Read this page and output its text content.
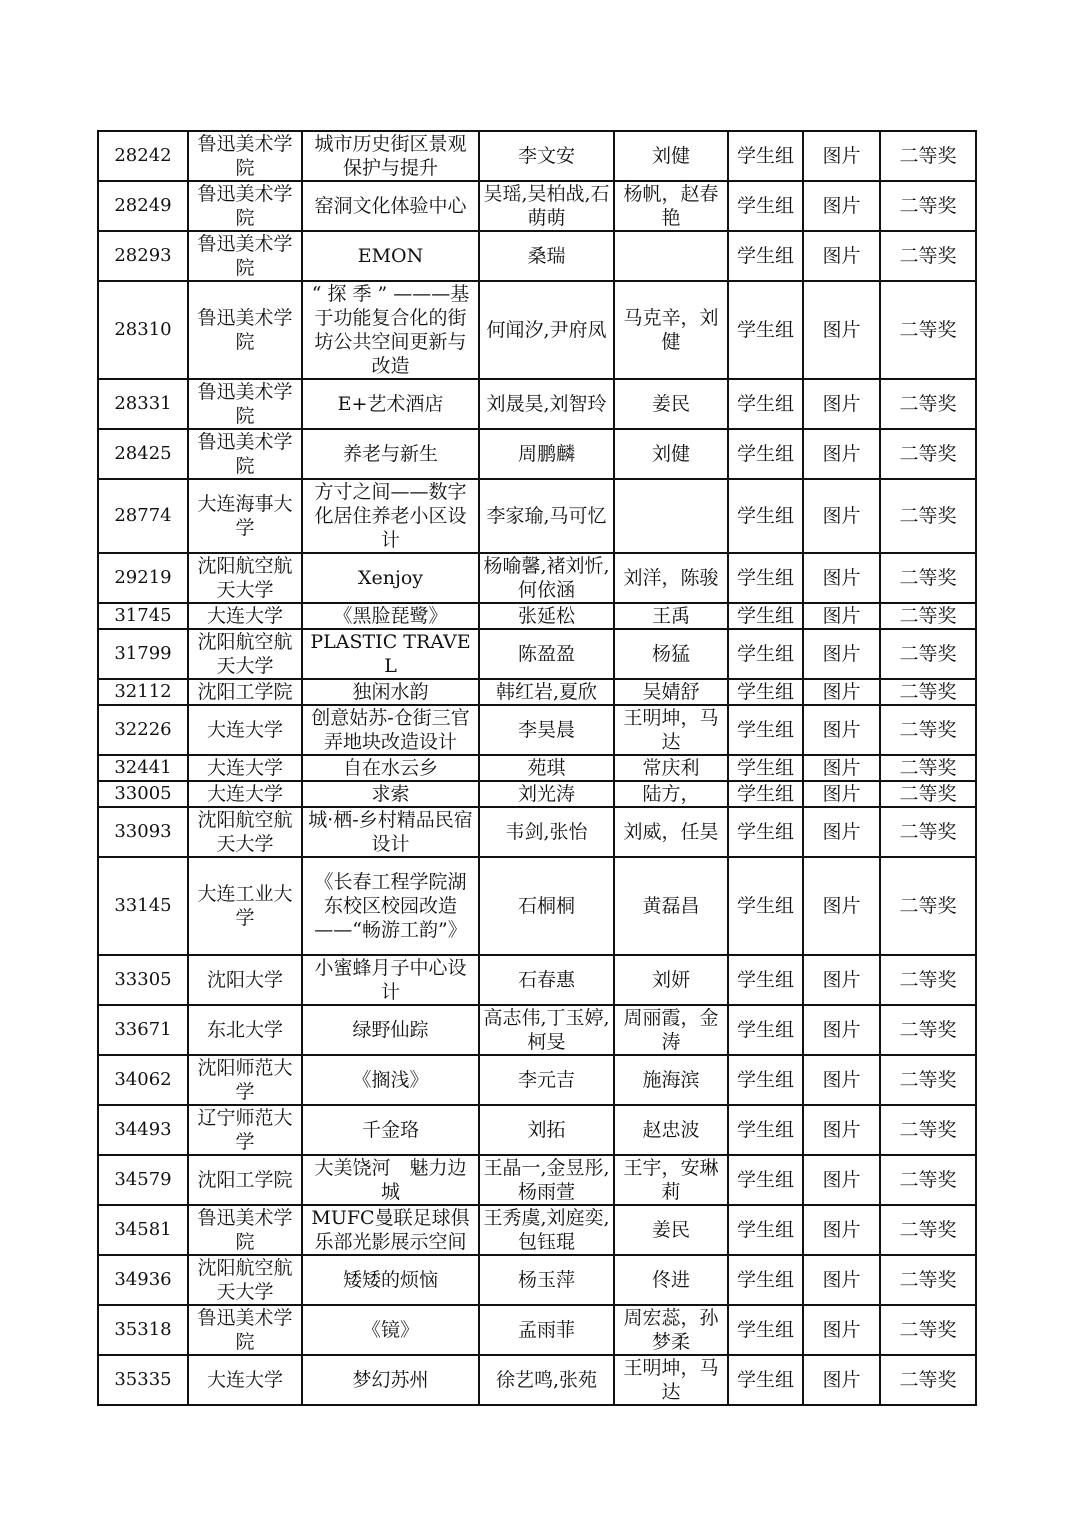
28242	鲁迅美术学院	城市历史街区景观保护与提升	李文安	刘健	学生组	图片	二等奖
28249	鲁迅美术学院	窑洞文化体验中心	吴瑶,吴柏战,石萌萌	杨帆，赵春艳	学生组	图片	二等奖
28293	鲁迅美术学院	EMON	桑瑞		学生组	图片	二等奖
28310	鲁迅美术学院	“ 探 季 ” ———基于功能复合化的街坊公共空间更新与改造	何闻汐,尹府凤	马克辛，刘健	学生组	图片	二等奖
28331	鲁迅美术学院	E+艺术酒店	刘晟昊,刘智玲	姜民	学生组	图片	二等奖
28425	鲁迅美术学院	养老与新生	周鹏麟	刘健	学生组	图片	二等奖
28774	大连海事大学	方寸之间——数字化居住养老小区设计	李家瑜,马可忆		学生组	图片	二等奖
29219	沈阳航空航天大学	Xenjoy	杨喻馨,褚刘忻,何依涵	刘洋，陈骏	学生组	图片	二等奖
31745	大连大学	《黑脸琵鹭》	张延松	王禹	学生组	图片	二等奖
31799	沈阳航空航天大学	PLASTIC TRAVEL	陈盈盈	杨猛	学生组	图片	二等奖
32112	沈阳工学院	独闲水韵	韩红岩,夏欣	吴婧舒	学生组	图片	二等奖
32226	大连大学	创意姑苏-仓街三官弄地块改造设计	李昊晨	王明坤，马达	学生组	图片	二等奖
32441	大连大学	自在水云乡	苑琪	常庆利	学生组	图片	二等奖
33005	大连大学	求索	刘光涛	陆方，	学生组	图片	二等奖
33093	沈阳航空航天大学	城·栖-乡村精品民宿设计	韦剑,张怡	刘威，任昊	学生组	图片	二等奖
33145	大连工业大学	《长春工程学院湖东校区校园改造——“畅游工韵”》	石桐桐	黄磊昌	学生组	图片	二等奖
33305	沈阳大学	小蜜蜂月子中心设计	石春惠	刘妍	学生组	图片	二等奖
33671	东北大学	绿野仙踪	高志伟,丁玉婷,柯旻	周丽霞，金涛	学生组	图片	二等奖
34062	沈阳师范大学	《搁浅》	李元吉	施海滨	学生组	图片	二等奖
34493	辽宁师范大学	千金珞	刘拓	赵忠波	学生组	图片	二等奖
34579	沈阳工学院	大美饶河　魅力边城	王晶一,金昱彤,杨雨萱	王宇，安琳莉	学生组	图片	二等奖
34581	鲁迅美术学院	MUFC曼联足球俱乐部光影展示空间	王秀虞,刘庭奕,包钰琨	姜民	学生组	图片	二等奖
34936	沈阳航空航天大学	矮矮的烦恼	杨玉萍	佟进	学生组	图片	二等奖
35318	鲁迅美术学院	《镜》	孟雨菲	周宏蕊，孙梦柔	学生组	图片	二等奖
35335	大连大学	梦幻苏州	徐艺鸣,张苑	王明坤，马达	学生组	图片	二等奖
